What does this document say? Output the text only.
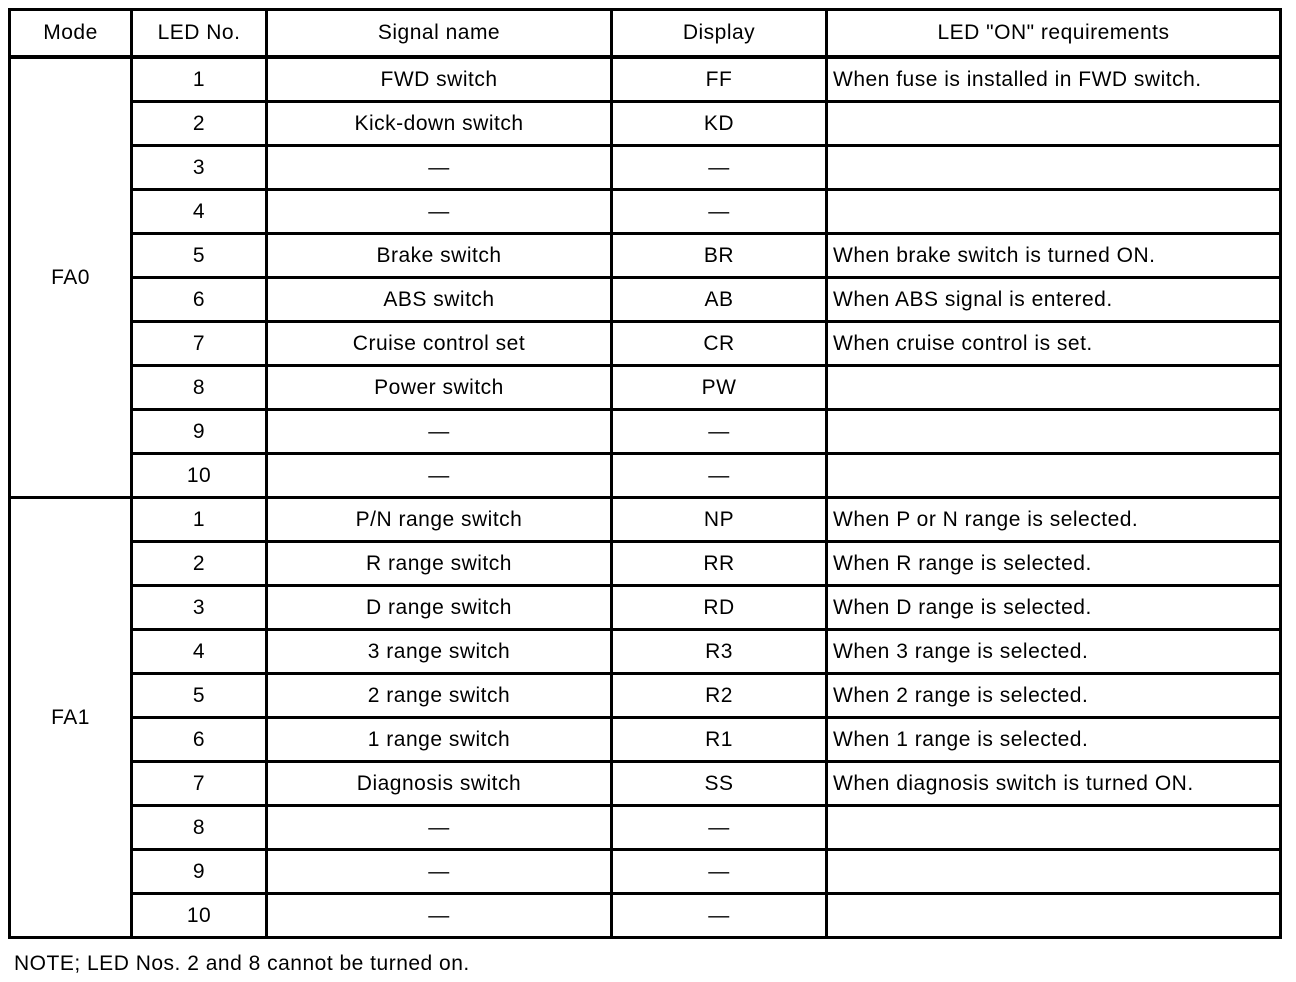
Mode	LED No.	Signal name	Display	LED "ON" requirements
FA0	1	FWD switch	FF	When fuse is installed in FWD switch.
	2	Kick-down switch	KD	
	3	—	—	
	4	—	—	
	5	Brake switch	BR	When brake switch is turned ON.
	6	ABS switch	AB	When ABS signal is entered.
	7	Cruise control set	CR	When cruise control is set.
	8	Power switch	PW	
	9	—	—	
	10	—	—	
FA1	1	P/N range switch	NP	When P or N range is selected.
	2	R range switch	RR	When R range is selected.
	3	D range switch	RD	When D range is selected.
	4	3 range switch	R3	When 3 range is selected.
	5	2 range switch	R2	When 2 range is selected.
	6	1 range switch	R1	When 1 range is selected.
	7	Diagnosis switch	SS	When diagnosis switch is turned ON.
	8	—	—	
	9	—	—	
	10	—	—	
NOTE; LED Nos. 2 and 8 cannot be turned on.
